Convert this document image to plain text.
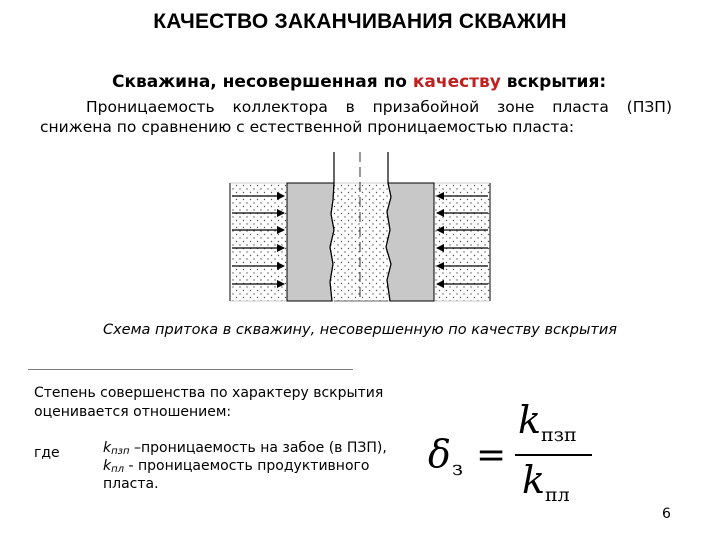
КАЧЕСТВО ЗАКАНЧИВАНИЯ СКВАЖИН
Скважина, несовершенная по качеству вскрытия:
Проницаемость коллектора в призабойной зоне пласта (ПЗП)
снижена по сравнению с естественной проницаемостью пласта:
Схема притока в скважину, несовершенную по качеству вскрытия
Степень совершенства по характеру вскрытия
оценивается отношением:
где	$k_{пзп}$ –проницаемость на забое (в ПЗП),
$k_{пл}$ - проницаемость продуктивного
пласта.
δ з =
k пзп
k пл
6
